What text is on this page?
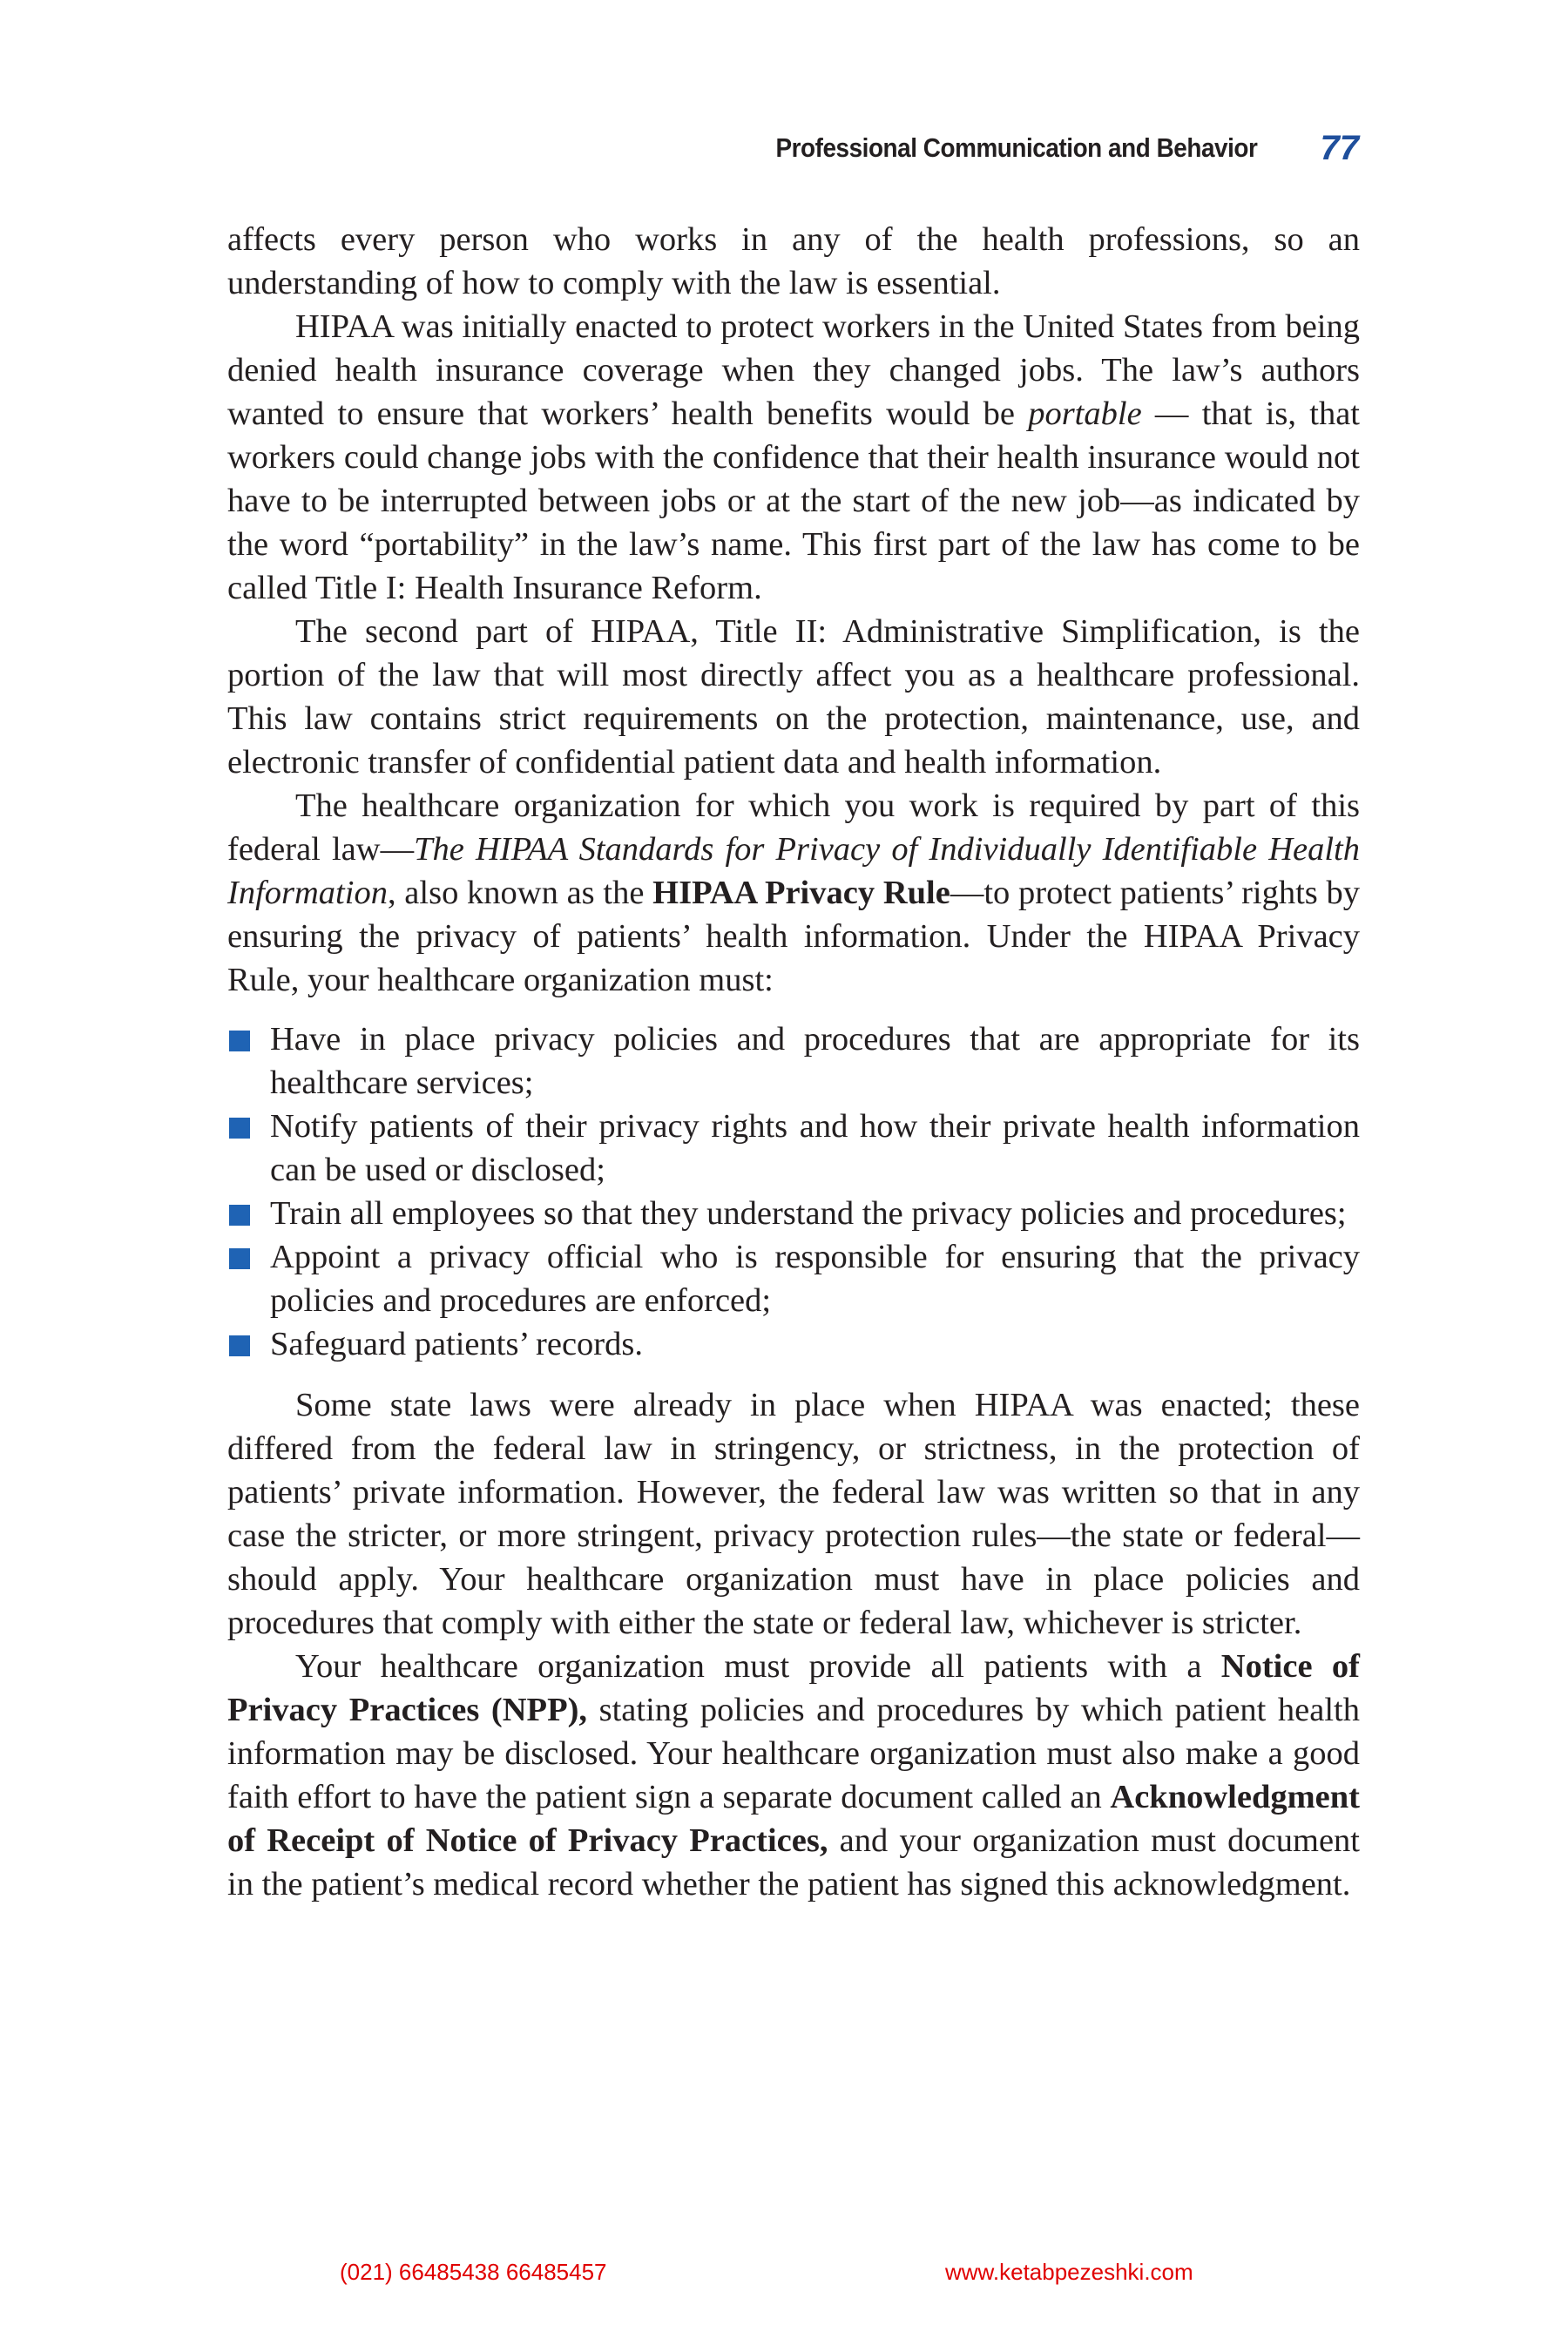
Professional Communication and Behavior 77

affects every person who works in any of the health professions, so an understanding of how to comply with the law is essential.

HIPAA was initially enacted to protect workers in the United States from being denied health insurance coverage when they changed jobs. The law’s authors wanted to ensure that workers’ health benefits would be portable — that is, that workers could change jobs with the confidence that their health insurance would not have to be interrupted between jobs or at the start of the new job—as indicated by the word “portability” in the law’s name. This first part of the law has come to be called Title I: Health Insurance Reform.

The second part of HIPAA, Title II: Administrative Simplification, is the portion of the law that will most directly affect you as a healthcare professional. This law contains strict requirements on the protection, maintenance, use, and electronic transfer of confidential patient data and health information.

The healthcare organization for which you work is required by part of this federal law—The HIPAA Standards for Privacy of Individually Identifiable Health Information, also known as the HIPAA Privacy Rule—to protect patients’ rights by ensuring the privacy of patients’ health information. Under the HIPAA Privacy Rule, your healthcare organization must:

Have in place privacy policies and procedures that are appropriate for its healthcare services;
Notify patients of their privacy rights and how their private health information can be used or disclosed;
Train all employees so that they understand the privacy policies and procedures;
Appoint a privacy official who is responsible for ensuring that the privacy policies and procedures are enforced;
Safeguard patients’ records.

Some state laws were already in place when HIPAA was enacted; these differed from the federal law in stringency, or strictness, in the protection of patients’ private information. However, the federal law was written so that in any case the stricter, or more stringent, privacy protection rules—the state or federal—should apply. Your healthcare organization must have in place policies and procedures that comply with either the state or federal law, whichever is stricter.

Your healthcare organization must provide all patients with a Notice of Privacy Practices (NPP), stating policies and procedures by which patient health information may be disclosed. Your healthcare organization must also make a good faith effort to have the patient sign a separate document called an Acknowledgment of Receipt of Notice of Privacy Practices, and your organization must document in the patient’s medical record whether the patient has signed this acknowledgment.

(021) 66485438 66485457	www.ketabpezeshki.com
